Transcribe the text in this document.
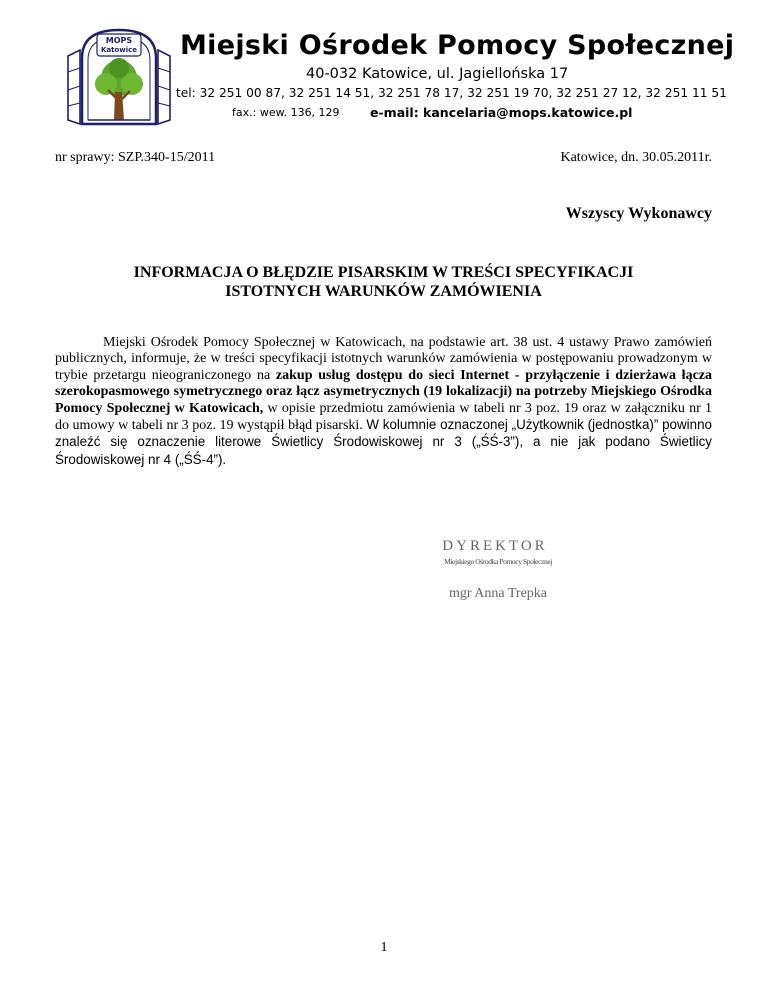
MOPS
Katowice Miejski Ośrodek Pomocy Społecznej
40-032 Katowice, ul. Jagiellońska 17
tel: 32 251 00 87, 32 251 14 51, 32 251 78 17, 32 251 19 70, 32 251 27 12, 32 251 11 51
fax.: wew. 136, 129 e-mail: kancelaria@mops.katowice.pl
nr sprawy: SZP.340-15/2011	Katowice, dn. 30.05.2011r.
Wszyscy Wykonawcy
INFORMACJA O BŁĘDZIE PISARSKIM W TREŚCI SPECYFIKACJI
ISTOTNYCH WARUNKÓW ZAMÓWIENIA
Miejski Ośrodek Pomocy Społecznej w Katowicach, na podstawie art. 38 ust. 4 ustawy Prawo zamówień publicznych, informuje, że w treści specyfikacji istotnych warunków zamówienia w postępowaniu prowadzonym w trybie przetargu nieograniczonego na zakup usług dostępu do sieci Internet - przyłączenie i dzierżawa łącza szerokopasmowego symetrycznego oraz łącz asymetrycznych (19 lokalizacji) na potrzeby Miejskiego Ośrodka Pomocy Społecznej w Katowicach, w opisie przedmiotu zamówienia w tabeli nr 3 poz. 19 oraz w załączniku nr 1 do umowy w tabeli nr 3 poz. 19 wystąpił błąd pisarski. W kolumnie oznaczonej „Użytkownik (jednostka)” powinno znaleźć się oznaczenie literowe Świetlicy Środowiskowej nr 3 („ŚŚ-3”), a nie jak podano Świetlicy Środowiskowej nr 4 („ŚŚ-4”).
DYREKTOR
Miejskiego Ośrodka Pomocy Społecznej
mgr Anna Trepka
1
